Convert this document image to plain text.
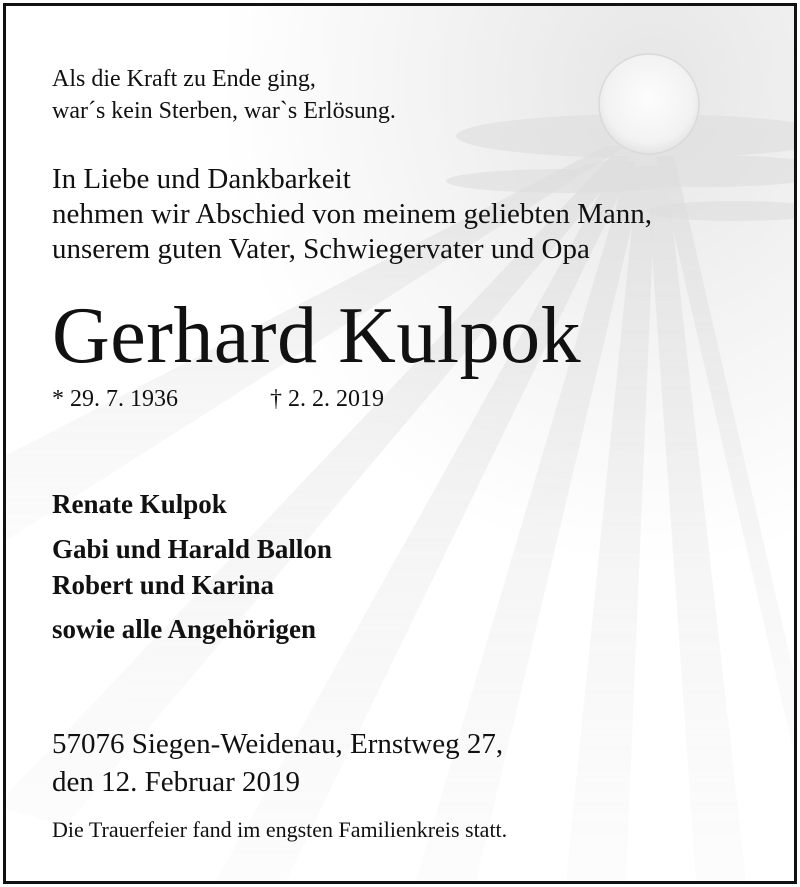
Als die Kraft zu Ende ging,
war´s kein Sterben, war`s Erlösung.
In Liebe und Dankbarkeit
nehmen wir Abschied von meinem geliebten Mann,
unserem guten Vater, Schwiegervater und Opa
Gerhard Kulpok
* 29. 7. 1936	† 2. 2. 2019
Renate Kulpok
Gabi und Harald Ballon
Robert und Karina
sowie alle Angehörigen
57076 Siegen-Weidenau, Ernstweg 27,
den 12. Februar 2019
Die Trauerfeier fand im engsten Familienkreis statt.
